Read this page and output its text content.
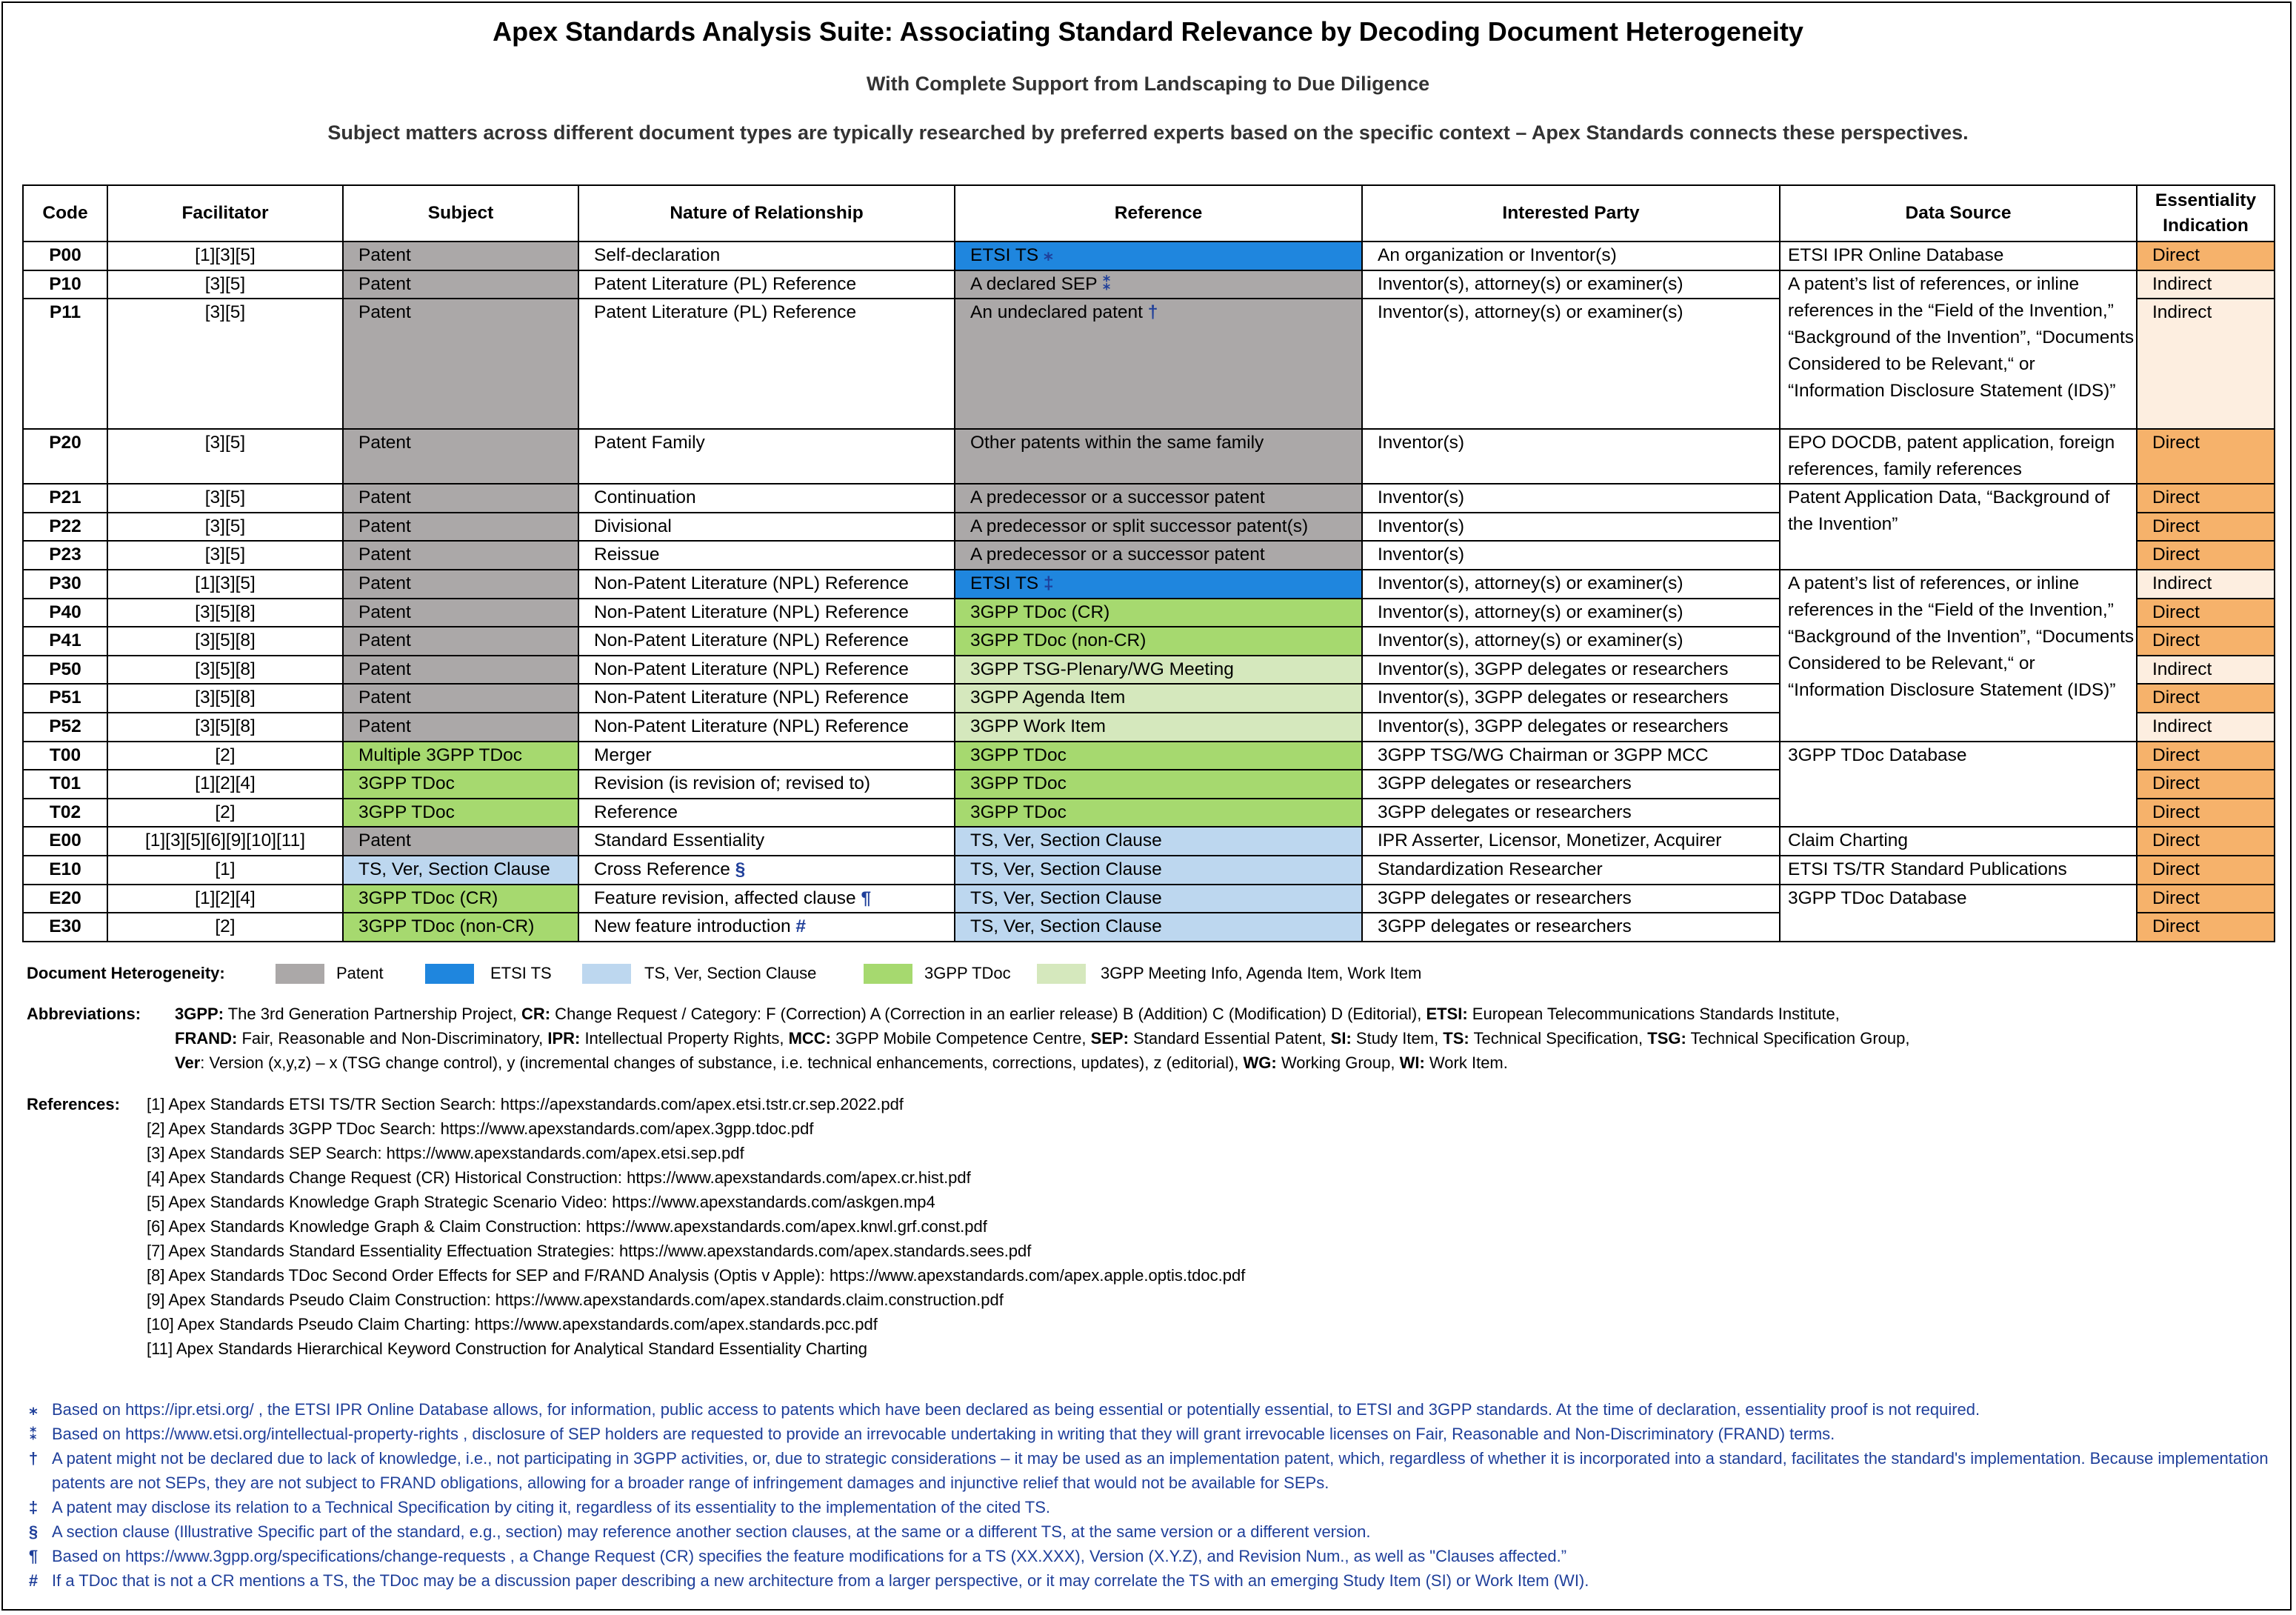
Apex Standards Analysis Suite: Associating Standard Relevance by Decoding Document Heterogeneity
With Complete Support from Landscaping to Due Diligence
Subject matters across different document types are typically researched by preferred experts based on the specific context – Apex Standards connects these perspectives.
Code	Facilitator	Subject	Nature of Relationship	Reference	Interested Party	Data Source	Essentiality Indication
P00	[1][3][5]	Patent	Self-declaration	ETSI TS ⁎	An organization or Inventor(s)	ETSI IPR Online Database	Direct
P10	[3][5]	Patent	Patent Literature (PL) Reference	A declared SEP ⁑	Inventor(s), attorney(s) or examiner(s)	A patent’s list of references, or inline references in the “Field of the Invention,” “Background of the Invention”, “Documents Considered to be Relevant,“ or “Information Disclosure Statement (IDS)”	Indirect
P11	[3][5]	Patent	Patent Literature (PL) Reference	An undeclared patent †	Inventor(s), attorney(s) or examiner(s)		Indirect
P20	[3][5]	Patent	Patent Family	Other patents within the same family	Inventor(s)	EPO DOCDB, patent application, foreign references, family references	Direct
P21	[3][5]	Patent	Continuation	A predecessor or a successor patent	Inventor(s)	Patent Application Data, “Background of the Invention”	Direct
P22	[3][5]	Patent	Divisional	A predecessor or split successor patent(s)	Inventor(s)		Direct
P23	[3][5]	Patent	Reissue	A predecessor or a successor patent	Inventor(s)		Direct
P30	[1][3][5]	Patent	Non-Patent Literature (NPL) Reference	ETSI TS ‡	Inventor(s), attorney(s) or examiner(s)	A patent’s list of references, or inline references in the “Field of the Invention,” “Background of the Invention”, “Documents Considered to be Relevant,“ or “Information Disclosure Statement (IDS)”	Indirect
P40	[3][5][8]	Patent	Non-Patent Literature (NPL) Reference	3GPP TDoc (CR)	Inventor(s), attorney(s) or examiner(s)		Direct
P41	[3][5][8]	Patent	Non-Patent Literature (NPL) Reference	3GPP TDoc (non-CR)	Inventor(s), attorney(s) or examiner(s)		Direct
P50	[3][5][8]	Patent	Non-Patent Literature (NPL) Reference	3GPP TSG-Plenary/WG Meeting	Inventor(s), 3GPP delegates or researchers		Indirect
P51	[3][5][8]	Patent	Non-Patent Literature (NPL) Reference	3GPP Agenda Item	Inventor(s), 3GPP delegates or researchers		Direct
P52	[3][5][8]	Patent	Non-Patent Literature (NPL) Reference	3GPP Work Item	Inventor(s), 3GPP delegates or researchers		Indirect
T00	[2]	Multiple 3GPP TDoc	Merger	3GPP TDoc	3GPP TSG/WG Chairman or 3GPP MCC	3GPP TDoc Database	Direct
T01	[1][2][4]	3GPP TDoc	Revision (is revision of; revised to)	3GPP TDoc	3GPP delegates or researchers		Direct
T02	[2]	3GPP TDoc	Reference	3GPP TDoc	3GPP delegates or researchers		Direct
E00	[1][3][5][6][9][10][11]	Patent	Standard Essentiality	TS, Ver, Section Clause	IPR Asserter, Licensor, Monetizer, Acquirer	Claim Charting	Direct
E10	[1]	TS, Ver, Section Clause	Cross Reference §	TS, Ver, Section Clause	Standardization Researcher	ETSI TS/TR Standard Publications	Direct
E20	[1][2][4]	3GPP TDoc (CR)	Feature revision, affected clause ¶	TS, Ver, Section Clause	3GPP delegates or researchers	3GPP TDoc Database	Direct
E30	[2]	3GPP TDoc (non-CR)	New feature introduction #	TS, Ver, Section Clause	3GPP delegates or researchers		Direct
Document Heterogeneity:	Patent	ETSI TS	TS, Ver, Section Clause	3GPP TDoc	3GPP Meeting Info, Agenda Item, Work Item
Abbreviations: 3GPP: The 3rd Generation Partnership Project, CR: Change Request / Category: F (Correction) A (Correction in an earlier release) B (Addition) C (Modification) D (Editorial), ETSI: European Telecommunications Standards Institute,
FRAND: Fair, Reasonable and Non-Discriminatory, IPR: Intellectual Property Rights, MCC: 3GPP Mobile Competence Centre, SEP: Standard Essential Patent, SI: Study Item, TS: Technical Specification, TSG: Technical Specification Group,
Ver: Version (x,y,z) – x (TSG change control), y (incremental changes of substance, i.e. technical enhancements, corrections, updates), z (editorial), WG: Working Group, WI: Work Item.
References: [1] Apex Standards ETSI TS/TR Section Search: https://apexstandards.com/apex.etsi.tstr.cr.sep.2022.pdf
[2] Apex Standards 3GPP TDoc Search: https://www.apexstandards.com/apex.3gpp.tdoc.pdf
[3] Apex Standards SEP Search: https://www.apexstandards.com/apex.etsi.sep.pdf
[4] Apex Standards Change Request (CR) Historical Construction: https://www.apexstandards.com/apex.cr.hist.pdf
[5] Apex Standards Knowledge Graph Strategic Scenario Video: https://www.apexstandards.com/askgen.mp4
[6] Apex Standards Knowledge Graph & Claim Construction: https://www.apexstandards.com/apex.knwl.grf.const.pdf
[7] Apex Standards Standard Essentiality Effectuation Strategies: https://www.apexstandards.com/apex.standards.sees.pdf
[8] Apex Standards TDoc Second Order Effects for SEP and F/RAND Analysis (Optis v Apple): https://www.apexstandards.com/apex.apple.optis.tdoc.pdf
[9] Apex Standards Pseudo Claim Construction: https://www.apexstandards.com/apex.standards.claim.construction.pdf
[10] Apex Standards Pseudo Claim Charting: https://www.apexstandards.com/apex.standards.pcc.pdf
[11] Apex Standards Hierarchical Keyword Construction for Analytical Standard Essentiality Charting
⁎ Based on https://ipr.etsi.org/ , the ETSI IPR Online Database allows, for information, public access to patents which have been declared as being essential or potentially essential, to ETSI and 3GPP standards. At the time of declaration, essentiality proof is not required.
⁑ Based on https://www.etsi.org/intellectual-property-rights , disclosure of SEP holders are requested to provide an irrevocable undertaking in writing that they will grant irrevocable licenses on Fair, Reasonable and Non-Discriminatory (FRAND) terms.
† A patent might not be declared due to lack of knowledge, i.e., not participating in 3GPP activities, or, due to strategic considerations – it may be used as an implementation patent, which, regardless of whether it is incorporated into a standard, facilitates the standard's implementation. Because implementation patents are not SEPs, they are not subject to FRAND obligations, allowing for a broader range of infringement damages and injunctive relief that would not be available for SEPs.
‡ A patent may disclose its relation to a Technical Specification by citing it, regardless of its essentiality to the implementation of the cited TS.
§ A section clause (Illustrative Specific part of the standard, e.g., section) may reference another section clauses, at the same or a different TS, at the same version or a different version.
¶ Based on https://www.3gpp.org/specifications/change-requests , a Change Request (CR) specifies the feature modifications for a TS (XX.XXX), Version (X.Y.Z), and Revision Num., as well as "Clauses affected.”
# If a TDoc that is not a CR mentions a TS, the TDoc may be a discussion paper describing a new architecture from a larger perspective, or it may correlate the TS with an emerging Study Item (SI) or Work Item (WI).
